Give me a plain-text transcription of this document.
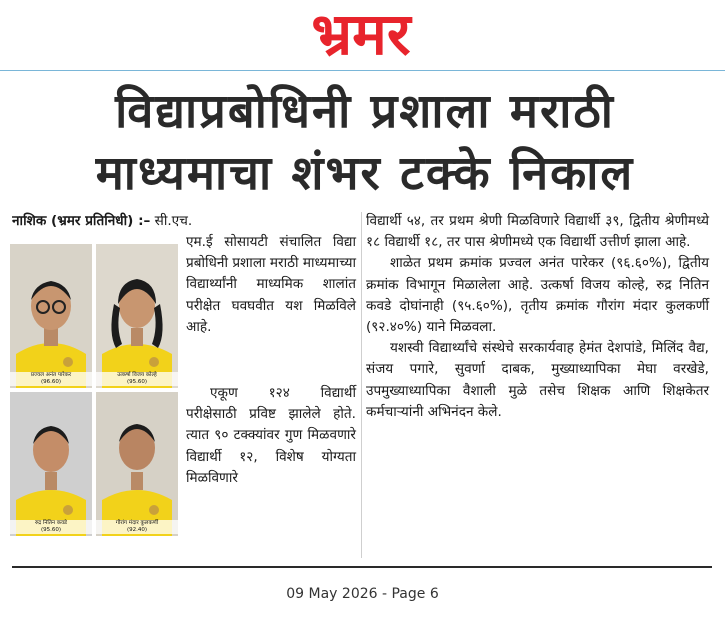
भ्रमर
विद्याप्रबोधिनी प्रशाला मराठी
माध्यमाचा शंभर टक्के निकाल
नाशिक (भ्रमर प्रतिनिधी) :– सी.एच.
प्रज्वल अनंत पारेकर
(96.60)
उत्कर्षा विजय कोल्हे
(95.60)
रुद्र नितिन कवडे
(95.60)
गौरांग मंदार कुलकर्णी
(92.40)

एम.ई सोसायटी संचालित विद्या प्रबोधिनी प्रशाला मराठी माध्यमाच्या विद्यार्थ्यांनी माध्यमिक शालांत परीक्षेत घवघवीत यश मिळविले आहे.

एकूण १२४ विद्यार्थी परीक्षेसाठी प्रविष्ट झालेले होते. त्यात ९० टक्क्यांवर गुण मिळवणारे विद्यार्थी १२, विशेष योग्यता मिळविणारे

विद्यार्थी ५४, तर प्रथम श्रेणी मिळविणारे विद्यार्थी ३९, द्वितीय श्रेणीमध्ये १८ विद्यार्थी १८, तर पास श्रेणीमध्ये एक विद्यार्थी उत्तीर्ण झाला आहे.

शाळेत प्रथम क्रमांक प्रज्वल अनंत पारेकर (९६.६०%), द्वितीय क्रमांक विभागून मिळालेला आहे. उत्कर्षा विजय कोल्हे, रुद्र नितिन कवडे दोघांनाही (९५.६०%), तृतीय क्रमांक गौरांग मंदार कुलकर्णी (९२.४०%) याने मिळवला.

यशस्वी विद्यार्थ्यांचे संस्थेचे सरकार्यवाह हेमंत देशपांडे, मिलिंद वैद्य, संजय पगारे, सुवर्णा दाबक, मुख्याध्यापिका मेघा वरखेडे, उपमुख्याध्यापिका वैशाली मुळे तसेच शिक्षक आणि शिक्षकेतर कर्मचाऱ्यांनी अभिनंदन केले.

09 May 2026 - Page 6
